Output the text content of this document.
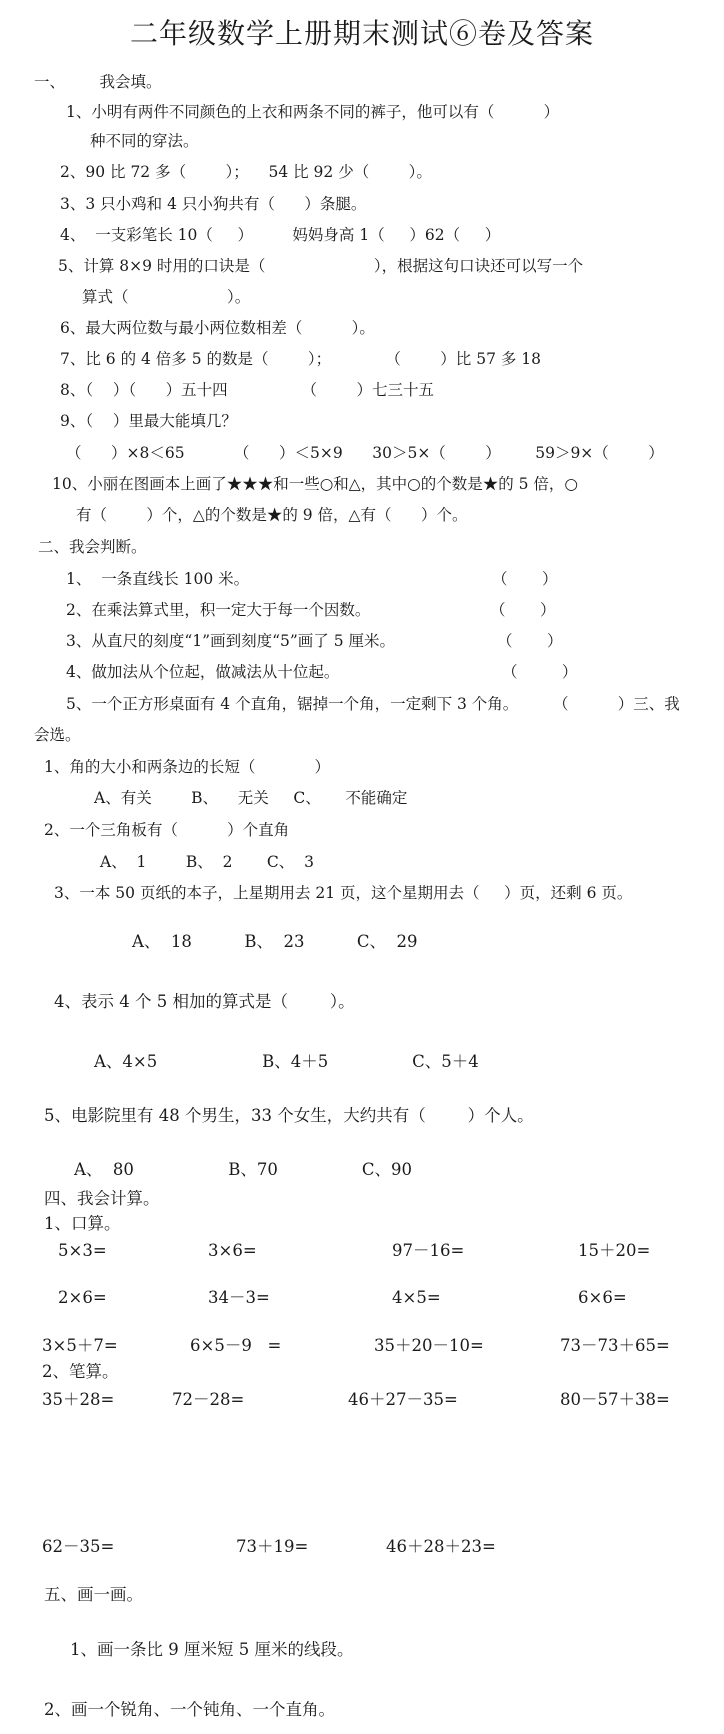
二年级数学上册期末测试⑥卷及答案
一、       我会填。
1、小明有两件不同颜色的上衣和两条不同的裤子，他可以有（          ）
种不同的穿法。
2、90 比 72 多（        ）；    54 比 92 少（        ）。
3、3 只小鸡和 4 只小狗共有（      ）条腿。
4、  一支彩笔长 10（     ）        妈妈身高 1（     ）62（     ）
5、计算 8×9 时用的口诀是（                      ），根据这句口诀还可以写一个
算式（                    ）。
6、最大两位数与最小两位数相差（          ）。
7、比 6 的 4 倍多 5 的数是（        ）；           （        ）比 57 多 18
8、（    ）（      ）五十四               （        ）七三十五
9、（    ）里最大能填几？
（      ）×8＜65          （      ）＜5×9      30＞5×（        ）       59＞9×（        ）
10、小丽在图画本上画了★★★和一些○和△，其中○的个数是★的 5 倍，○
有（        ）个，△的个数是★的 9 倍，△有（      ）个。
二、我会判断。
1、  一条直线长 100 米。	（       ）
2、在乘法算式里，积一定大于每一个因数。	（       ）
3、从直尺的刻度“1”画到刻度“5”画了 5 厘米。	（       ）
4、做加法从个位起，做减法从十位起。	（         ）
5、一个正方形桌面有 4 个直角，锯掉一个角，一定剩下 3 个角。 （          ）三、我
会选。
1、角的大小和两条边的长短（            ）
A、有关        B、    无关     C、     不能确定
2、一个三角板有（          ）个直角
A、  1        B、  2       C、  3
3、一本 50 页纸的本子，上星期用去 21 页，这个星期用去（     ）页，还剩 6 页。
A、  18          B、  23          C、  29
4、表示 4 个 5 相加的算式是（        ）。
A、4×5                    B、4＋5                C、5＋4
5、电影院里有 48 个男生，33 个女生，大约共有（        ）个人。
A、  80                  B、70                C、90
四、我会计算。
1、口算。
5×3=	3×6=	97－16=	15＋20=
2×6=	34－3=	4×5=	6×6=
3×5＋7=	6×5－9   =	35＋20－10=	73－73＋65=
2、笔算。
35＋28=	72－28=	46＋27－35=	80－57＋38=
62－35=	73＋19=	46＋28＋23=
五、画一画。
1、画一条比 9 厘米短 5 厘米的线段。
2、画一个锐角、一个钝角、一个直角。
